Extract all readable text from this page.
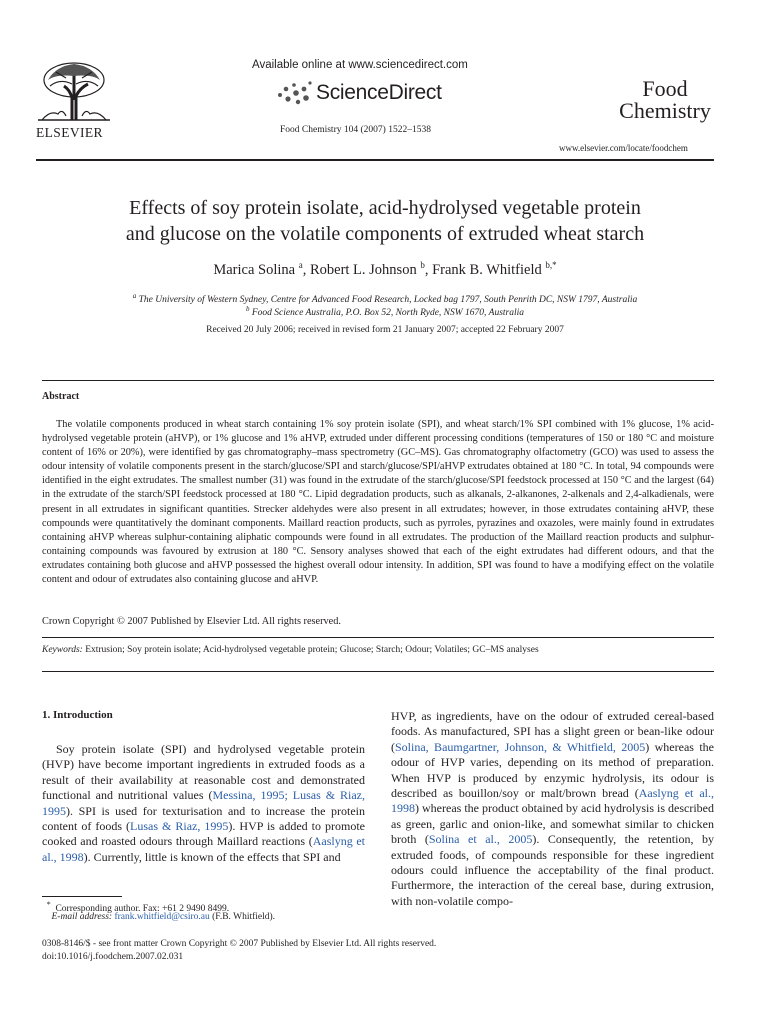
ELSEVIER
Available online at www.sciencedirect.com
ScienceDirect
Food Chemistry 104 (2007) 1522–1538
Food
Chemistry
www.elsevier.com/locate/foodchem
Effects of soy protein isolate, acid-hydrolysed vegetable protein
and glucose on the volatile components of extruded wheat starch
Marica Solina $^a$, Robert L. Johnson $^b$, Frank B. Whitfield $^{b,*}$
$^a$ The University of Western Sydney, Centre for Advanced Food Research, Locked bag 1797, South Penrith DC, NSW 1797, Australia
$^b$ Food Science Australia, P.O. Box 52, North Ryde, NSW 1670, Australia
Received 20 July 2006; received in revised form 21 January 2007; accepted 22 February 2007
Abstract
The volatile components produced in wheat starch containing 1% soy protein isolate (SPI), and wheat starch/1% SPI combined with 1% glucose, 1% acid-hydrolysed vegetable protein (aHVP), or 1% glucose and 1% aHVP, extruded under different processing conditions (temperatures of 150 or 180 °C and moisture content of 16% or 20%), were identified by gas chromatography–mass spectrometry (GC–MS). Gas chromatography olfactometry (GCO) was used to assess the odour intensity of volatile components present in the starch/glucose/SPI and starch/glucose/SPI/aHVP extrudates obtained at 180 °C. In total, 94 compounds were identified in the eight extrudates. The smallest number (31) was found in the extrudate of the starch/glucose/SPI feedstock processed at 150 °C and the largest (64) in the extrudate of the starch/SPI feedstock processed at 180 °C. Lipid degradation products, such as alkanals, 2-alkanones, 2-alkenals and 2,4-alkadienals, were present in all extrudates in significant quantities. Strecker aldehydes were also present in all extrudates; however, in those extrudates containing aHVP, these compounds were quantitatively the dominant components. Maillard reaction products, such as pyrroles, pyrazines and oxazoles, were mainly found in extrudates containing aHVP whereas sulphur-containing aliphatic compounds were found in all extrudates. The production of the Maillard reaction products and sulphur-containing compounds was favoured by extrusion at 180 °C. Sensory analyses showed that each of the eight extrudates had different odours, and that the extrudates containing both glucose and aHVP possessed the highest overall odour intensity. In addition, SPI was found to have a modifying effect on the volatile content and odour of extrudates also containing glucose and aHVP.
Crown Copyright © 2007 Published by Elsevier Ltd. All rights reserved.
Keywords: Extrusion; Soy protein isolate; Acid-hydrolysed vegetable protein; Glucose; Starch; Odour; Volatiles; GC–MS analyses
1. Introduction
Soy protein isolate (SPI) and hydrolysed vegetable protein (HVP) have become important ingredients in extruded foods as a result of their availability at reasonable cost and demonstrated functional and nutritional values (Messina, 1995; Lusas & Riaz, 1995). SPI is used for texturisation and to increase the protein content of foods (Lusas & Riaz, 1995). HVP is added to promote cooked and roasted odours through Maillard reactions (Aaslyng et al., 1998). Currently, little is known of the effects that SPI and
HVP, as ingredients, have on the odour of extruded cereal-based foods. As manufactured, SPI has a slight green or bean-like odour (Solina, Baumgartner, Johnson, & Whitfield, 2005) whereas the odour of HVP varies, depending on its method of preparation. When HVP is produced by enzymic hydrolysis, its odour is described as bouillon/soy or malt/brown bread (Aaslyng et al., 1998) whereas the product obtained by acid hydrolysis is described as green, garlic and onion-like, and somewhat similar to chicken broth (Solina et al., 2005). Consequently, the retention, by extruded foods, of compounds responsible for these ingredient odours could influence the acceptability of the final product. Furthermore, the interaction of the cereal base, during extrusion, with non-volatile compo-
* Corresponding author. Fax: +61 2 9490 8499.
E-mail address: frank.whitfield@csiro.au (F.B. Whitfield).
0308-8146/$ - see front matter Crown Copyright © 2007 Published by Elsevier Ltd. All rights reserved.
doi:10.1016/j.foodchem.2007.02.031
